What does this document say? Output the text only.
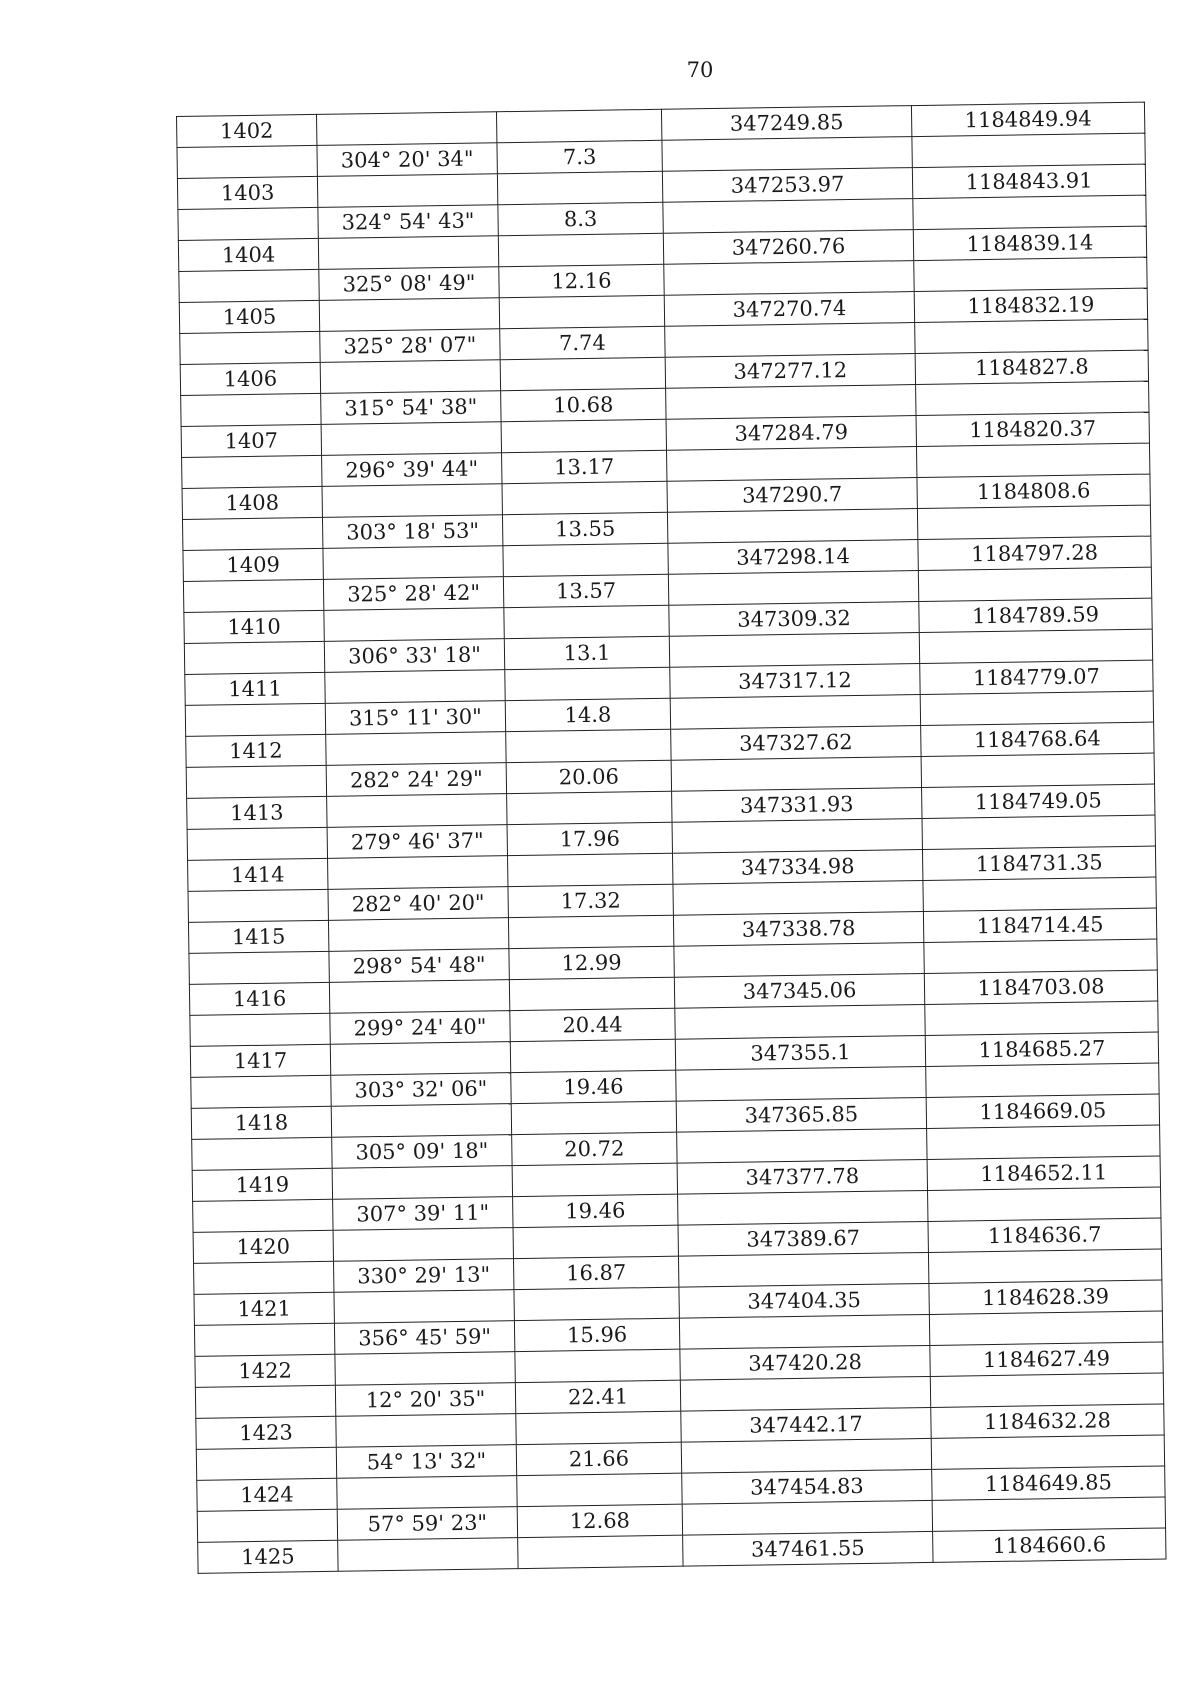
70
1402			347249.85	1184849.94
	304° 20' 34"	7.3		
1403			347253.97	1184843.91
	324° 54' 43"	8.3		
1404			347260.76	1184839.14
	325° 08' 49"	12.16		
1405			347270.74	1184832.19
	325° 28' 07"	7.74		
1406			347277.12	1184827.8
	315° 54' 38"	10.68		
1407			347284.79	1184820.37
	296° 39' 44"	13.17		
1408			347290.7	1184808.6
	303° 18' 53"	13.55		
1409			347298.14	1184797.28
	325° 28' 42"	13.57		
1410			347309.32	1184789.59
	306° 33' 18"	13.1		
1411			347317.12	1184779.07
	315° 11' 30"	14.8		
1412			347327.62	1184768.64
	282° 24' 29"	20.06		
1413			347331.93	1184749.05
	279° 46' 37"	17.96		
1414			347334.98	1184731.35
	282° 40' 20"	17.32		
1415			347338.78	1184714.45
	298° 54' 48"	12.99		
1416			347345.06	1184703.08
	299° 24' 40"	20.44		
1417			347355.1	1184685.27
	303° 32' 06"	19.46		
1418			347365.85	1184669.05
	305° 09' 18"	20.72		
1419			347377.78	1184652.11
	307° 39' 11"	19.46		
1420			347389.67	1184636.7
	330° 29' 13"	16.87		
1421			347404.35	1184628.39
	356° 45' 59"	15.96		
1422			347420.28	1184627.49
	12° 20' 35"	22.41		
1423			347442.17	1184632.28
	54° 13' 32"	21.66		
1424			347454.83	1184649.85
	57° 59' 23"	12.68		
1425			347461.55	1184660.6
